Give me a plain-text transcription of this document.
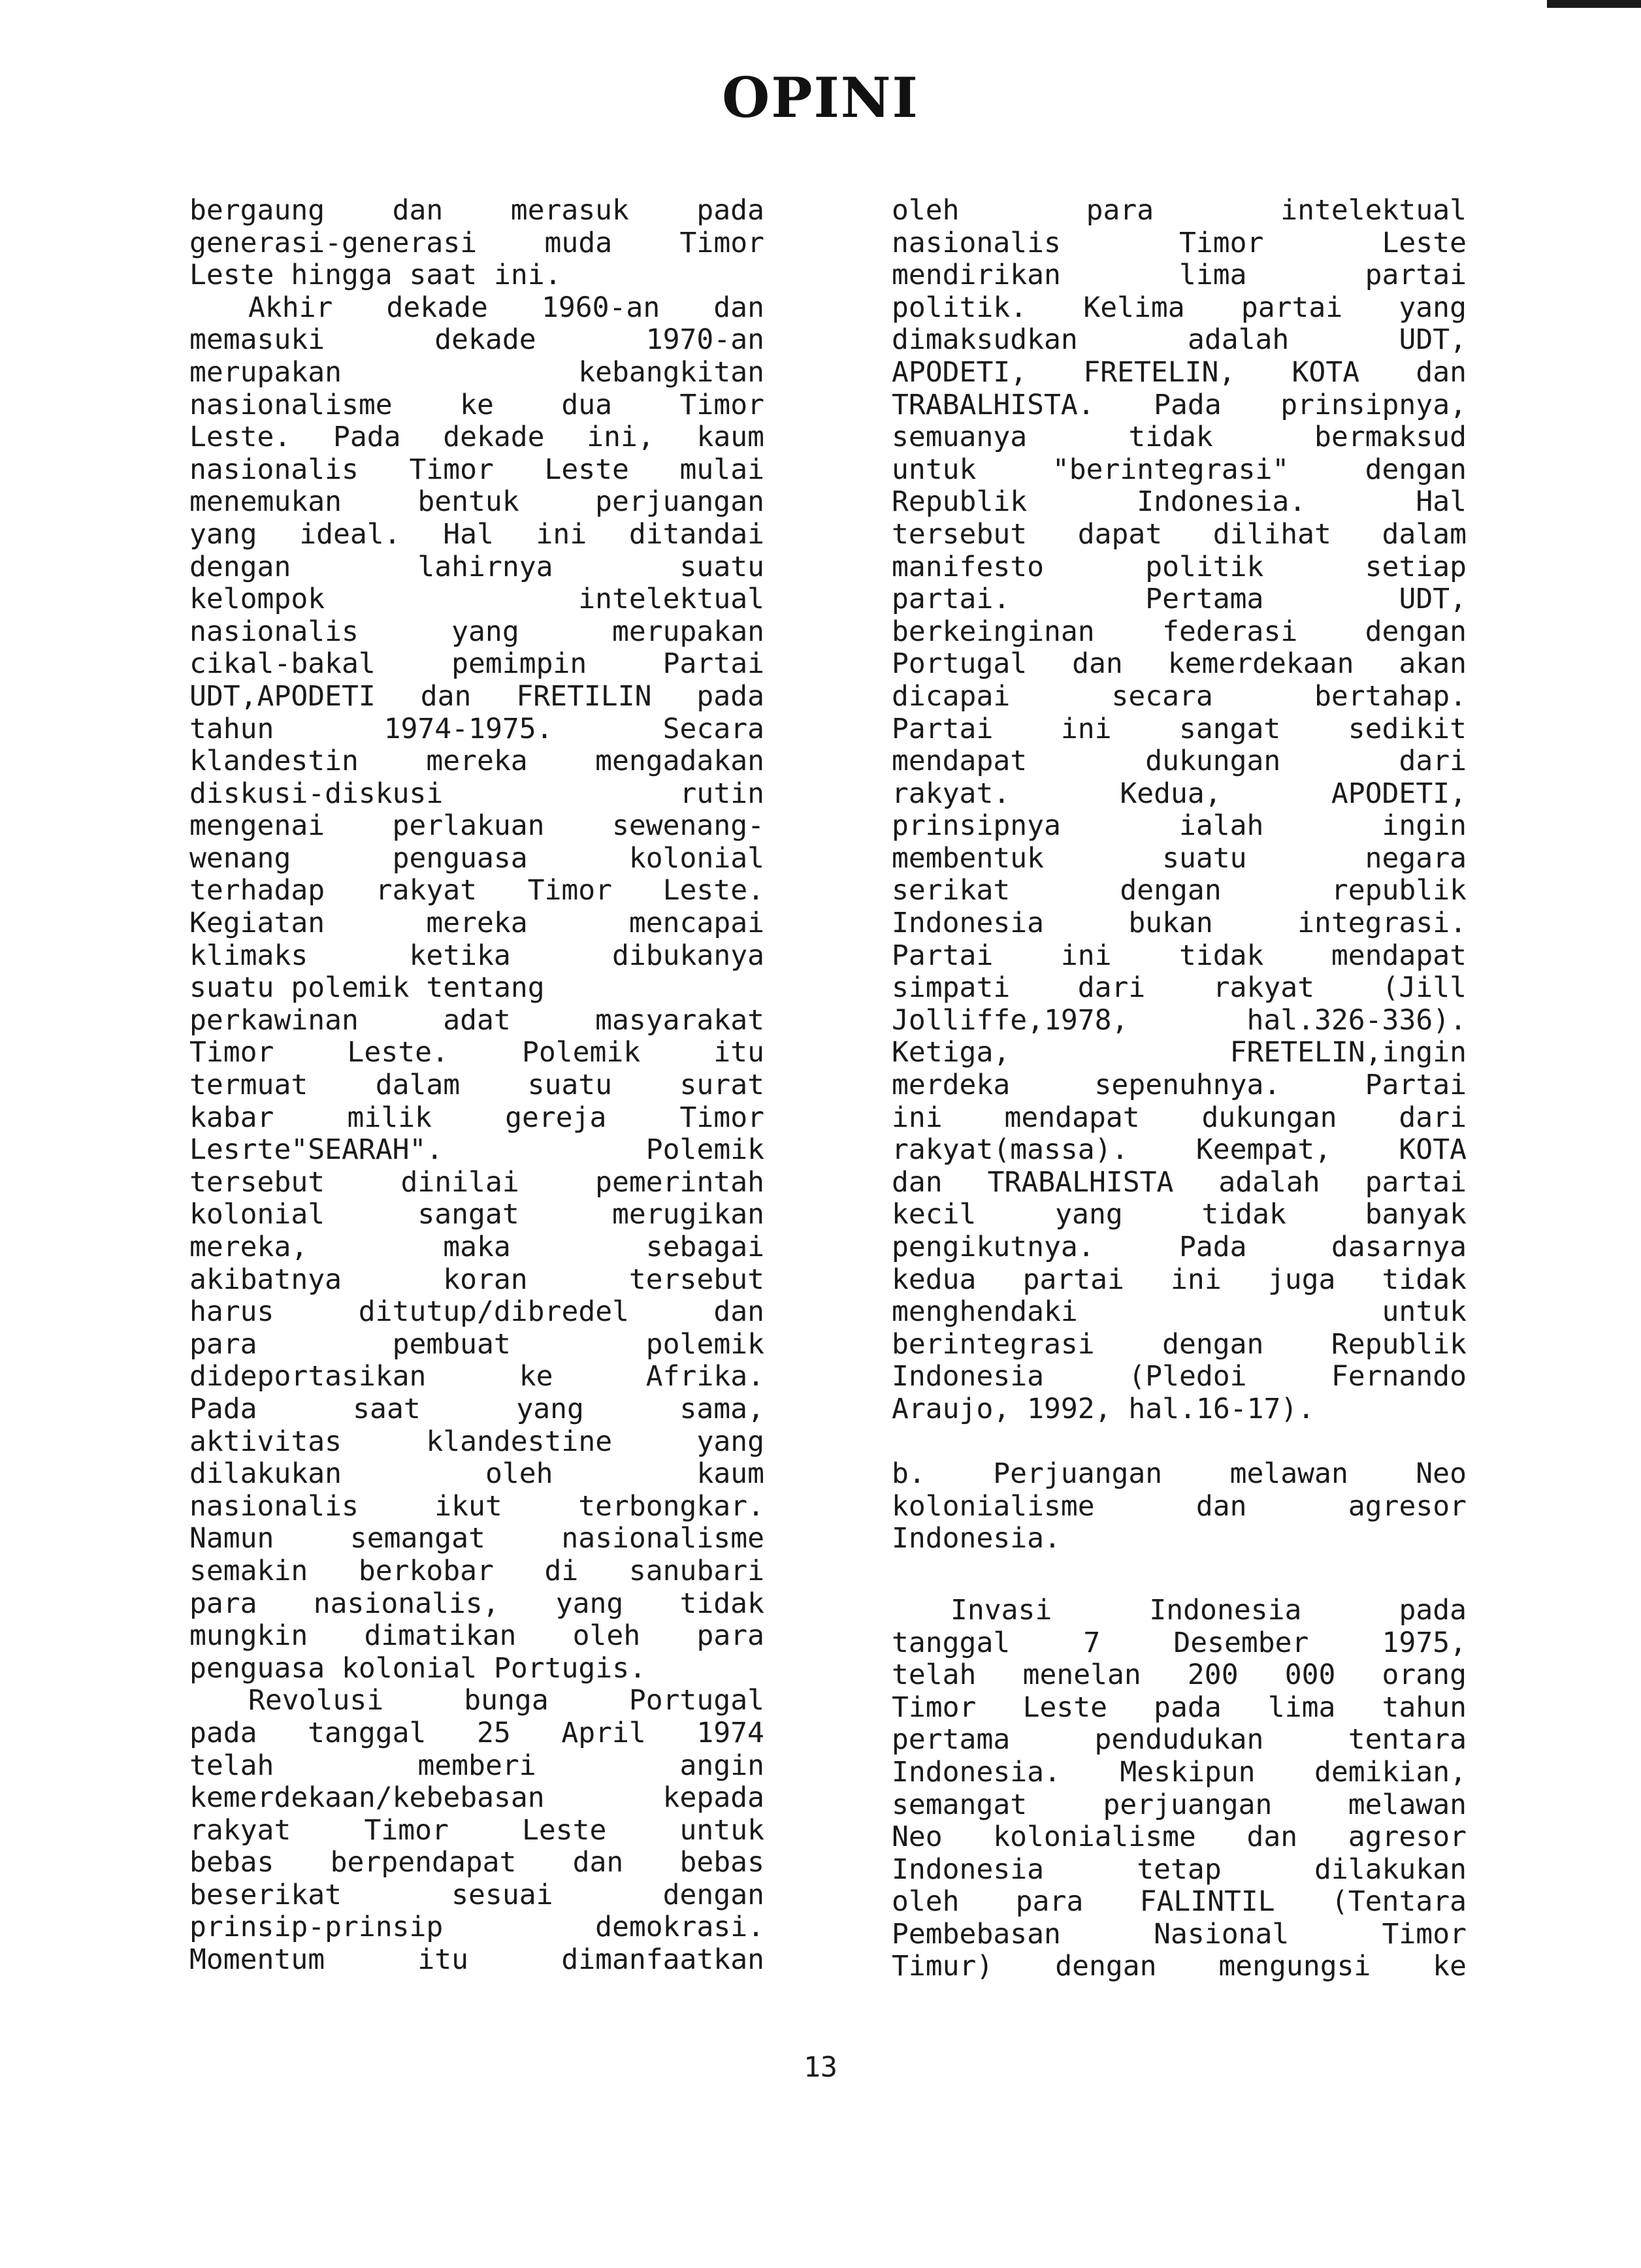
OPINI
bergaung dan merasuk pada
generasi-generasi muda Timor
Leste hingga saat ini.
Akhir dekade 1960-an dan
memasuki	dekade	1970-an
merupakan	kebangkitan
nasionalisme ke dua Timor
Leste. Pada dekade ini, kaum
nasionalis Timor Leste mulai
menemukan	bentuk	perjuangan
yang ideal. Hal ini ditandai
dengan	lahirnya	suatu
kelompok	intelektual
nasionalis	yang	merupakan
cikal-bakal	pemimpin	Partai
UDT,APODETI dan FRETILIN pada
tahun	1974-1975.	Secara
klandestin mereka mengadakan
diskusi-diskusi	rutin
mengenai perlakuan sewenang-
wenang	penguasa	kolonial
terhadap rakyat Timor Leste.
Kegiatan	mereka	mencapai
klimaks	ketika	dibukanya
suatu polemik tentang
perkawinan	adat	masyarakat
Timor	Leste.	Polemik	itu
termuat dalam suatu surat
kabar	milik	gereja	Timor
Lesrte"SEARAH".	Polemik
tersebut	dinilai	pemerintah
kolonial	sangat	merugikan
mereka,	maka	sebagai
akibatnya	koran	tersebut
harus	ditutup/dibredel	dan
para	pembuat	polemik
dideportasikan	ke	Afrika.
Pada	saat	yang	sama,
aktivitas	klandestine	yang
dilakukan	oleh	kaum
nasionalis	ikut	terbongkar.
Namun	semangat	nasionalisme
semakin berkobar di sanubari
para nasionalis, yang tidak
mungkin dimatikan oleh para
penguasa kolonial Portugis.
Revolusi	bunga	Portugal
pada tanggal 25 April 1974
telah	memberi	angin
kemerdekaan/kebebasan	kepada
rakyat	Timor	Leste	untuk
bebas berpendapat dan bebas
beserikat	sesuai	dengan
prinsip-prinsip	demokrasi.
Momentum	itu	dimanfaatkan
oleh	para	intelektual
nasionalis	Timor	Leste
mendirikan	lima	partai
politik. Kelima partai yang
dimaksudkan	adalah	UDT,
APODETI, FRETELIN, KOTA dan
TRABALHISTA. Pada prinsipnya,
semuanya	tidak	bermaksud
untuk	"berintegrasi"	dengan
Republik	Indonesia.	Hal
tersebut dapat dilihat dalam
manifesto	politik	setiap
partai.	Pertama	UDT,
berkeinginan federasi dengan
Portugal dan kemerdekaan akan
dicapai	secara	bertahap.
Partai ini sangat sedikit
mendapat	dukungan	dari
rakyat.	Kedua,	APODETI,
prinsipnya	ialah	ingin
membentuk	suatu	negara
serikat	dengan	republik
Indonesia	bukan	integrasi.
Partai ini tidak mendapat
simpati dari rakyat (Jill
Jolliffe,1978,	hal.326-336).
Ketiga,	FRETELIN,ingin
merdeka	sepenuhnya.	Partai
ini mendapat dukungan dari
rakyat(massa). Keempat, KOTA
dan TRABALHISTA adalah partai
kecil	yang	tidak	banyak
pengikutnya.	Pada	dasarnya
kedua partai ini juga tidak
menghendaki	untuk
berintegrasi dengan Republik
Indonesia	(Pledoi	Fernando
Araujo, 1992, hal.16-17).
b. Perjuangan melawan Neo
kolonialisme	dan	agresor
Indonesia.
Invasi	Indonesia	pada
tanggal	7	Desember	1975,
telah menelan 200 000 orang
Timor Leste pada lima tahun
pertama	pendudukan	tentara
Indonesia. Meskipun demikian,
semangat	perjuangan	melawan
Neo kolonialisme dan agresor
Indonesia	tetap	dilakukan
oleh para FALINTIL (Tentara
Pembebasan	Nasional	Timor
Timur) dengan mengungsi ke
13
